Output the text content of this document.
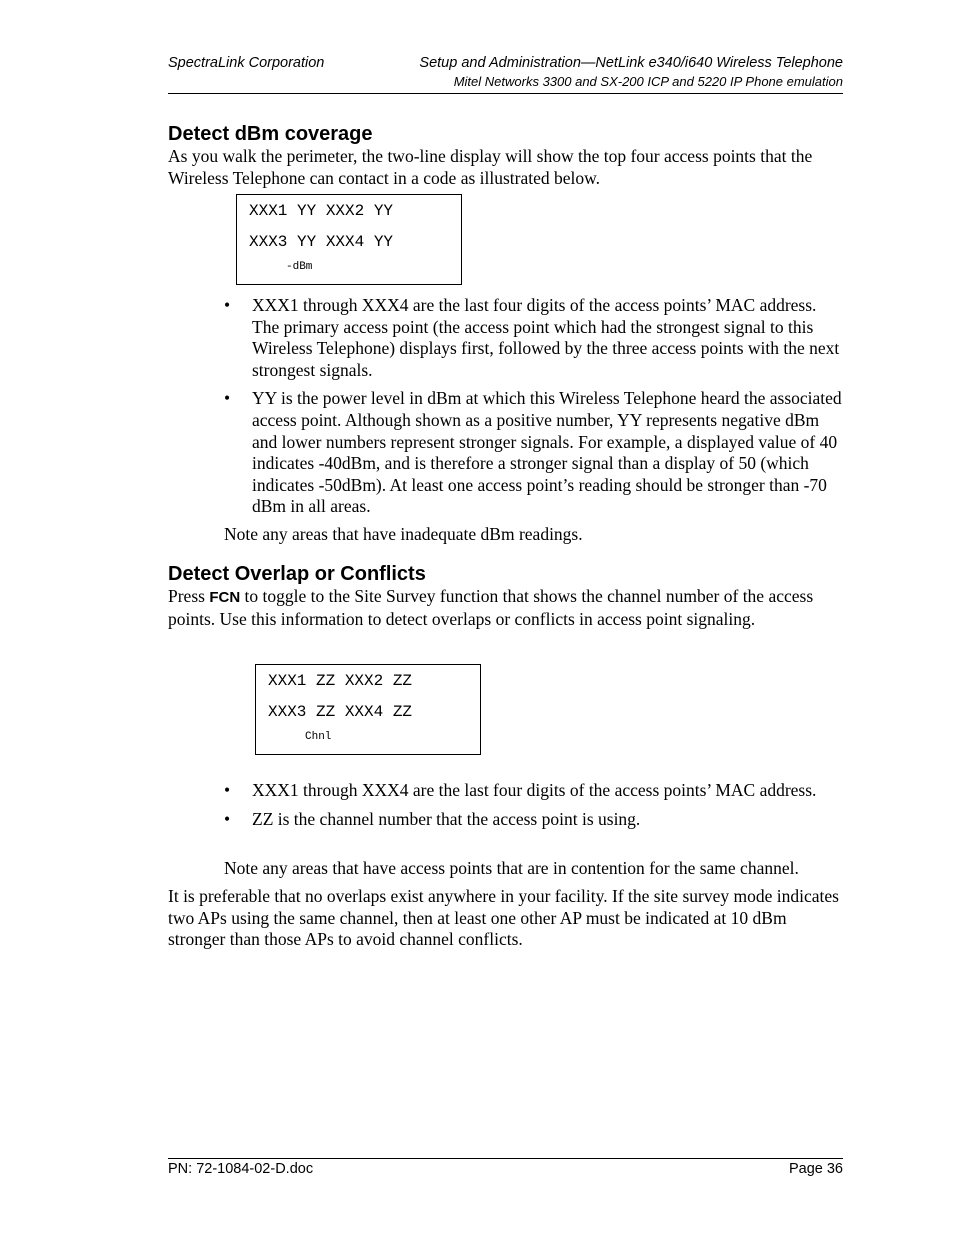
SpectraLink Corporation	Setup and Administration—NetLink e340/i640 Wireless Telephone
Mitel Networks 3300 and SX-200 ICP and 5220 IP Phone emulation
Detect dBm coverage

As you walk the perimeter, the two-line display will show the top four access points that the Wireless Telephone can contact in a code as illustrated below.

XXX1 YY XXX2 YY
XXX3 YY XXX4 YY
-dBm
• XXX1 through XXX4 are the last four digits of the access points’ MAC address. The primary access point (the access point which had the strongest signal to this Wireless Telephone) displays first, followed by the three access points with the next strongest signals.
• YY is the power level in dBm at which this Wireless Telephone heard the associated access point. Although shown as a positive number, YY represents negative dBm and lower numbers represent stronger signals. For example, a displayed value of 40 indicates -40dBm, and is therefore a stronger signal than a display of 50 (which indicates -50dBm). At least one access point’s reading should be stronger than -70 dBm in all areas.

Note any areas that have inadequate dBm readings.

Detect Overlap or Conflicts

Press FCN to toggle to the Site Survey function that shows the channel number of the access points. Use this information to detect overlaps or conflicts in access point signaling.

XXX1 ZZ XXX2 ZZ
XXX3 ZZ XXX4 ZZ
Chnl
• XXX1 through XXX4 are the last four digits of the access points’ MAC address.
• ZZ is the channel number that the access point is using.

Note any areas that have access points that are in contention for the same channel.

It is preferable that no overlaps exist anywhere in your facility. If the site survey mode indicates two APs using the same channel, then at least one other AP must be indicated at 10 dBm stronger than those APs to avoid channel conflicts.

PN: 72-1084-02-D.doc	Page 36
